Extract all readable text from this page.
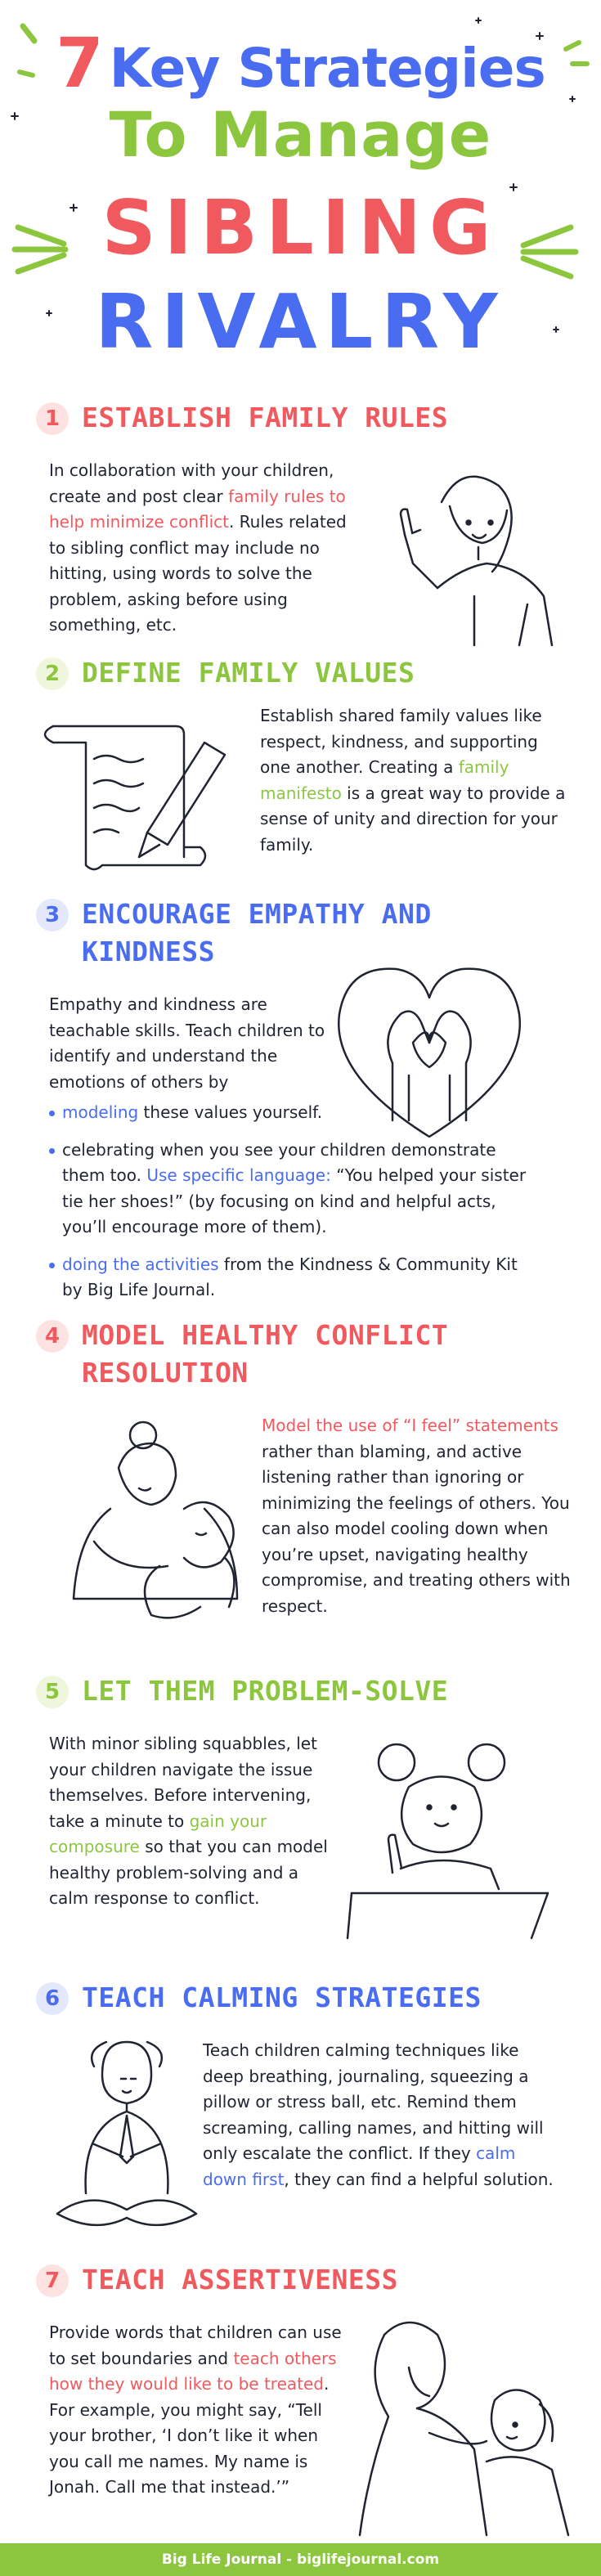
7 Key Strategies
To Manage
SIBLING
RIVALRY
1 ESTABLISH FAMILY RULES
In collaboration with your children, create and post clear family rules to help minimize conflict. Rules related to sibling conflict may include no hitting, using words to solve the problem, asking before using something, etc.
2 DEFINE FAMILY VALUES
Establish shared family values like respect, kindness, and supporting one another. Creating a family manifesto is a great way to provide a sense of unity and direction for your family.
3 ENCOURAGE EMPATHY AND
KINDNESS
Empathy and kindness are teachable skills. Teach children to identify and understand the emotions of others by
modeling these values yourself.
celebrating when you see your children demonstrate them too. Use specific language: “You helped your sister tie her shoes!” (by focusing on kind and helpful acts, you’ll encourage more of them).
doing the activities from the Kindness & Community Kit by Big Life Journal.
4 MODEL HEALTHY CONFLICT
RESOLUTION
Model the use of “I feel” statements rather than blaming, and active listening rather than ignoring or minimizing the feelings of others. You can also model cooling down when you’re upset, navigating healthy compromise, and treating others with respect.
5 LET THEM PROBLEM-SOLVE
With minor sibling squabbles, let your children navigate the issue themselves. Before intervening, take a minute to gain your composure so that you can model healthy problem-solving and a calm response to conflict.
6 TEACH CALMING STRATEGIES
Teach children calming techniques like deep breathing, journaling, squeezing a pillow or stress ball, etc. Remind them screaming, calling names, and hitting will only escalate the conflict. If they calm down first, they can find a helpful solution.
7 TEACH ASSERTIVENESS
Provide words that children can use to set boundaries and teach others how they would like to be treated. For example, you might say, “Tell your brother, ‘I don’t like it when you call me names. My name is Jonah. Call me that instead.’”
Big Life Journal - biglifejournal.com
